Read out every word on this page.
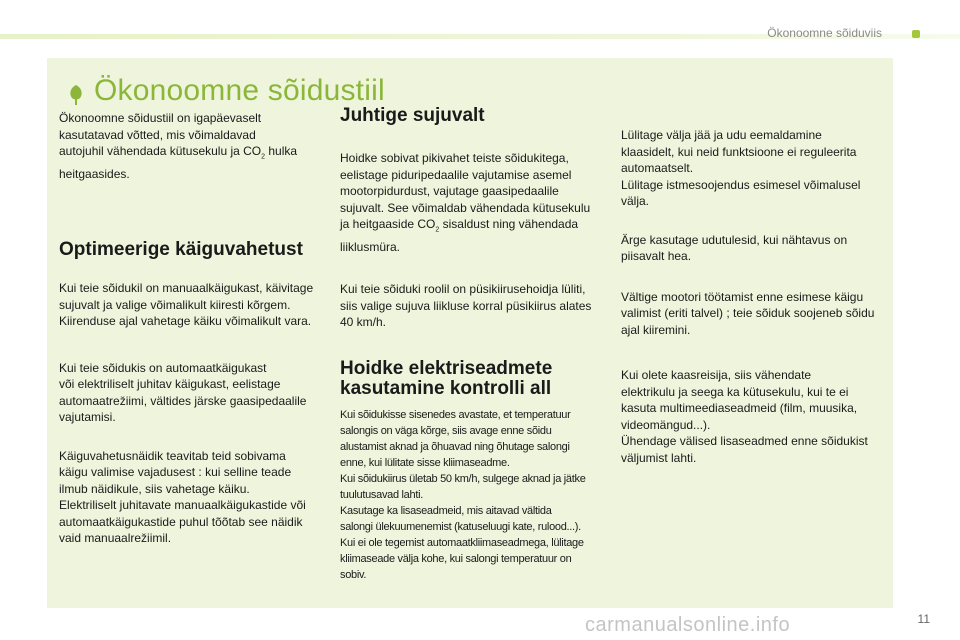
Ökonoomne sõiduviis
Ökonoomne sõidustiil

Ökonoomne sõidustiil on igapäevaselt
kasutatavad võtted, mis võimaldavad
autojuhil vähendada kütusekulu ja $CO_2$ hulka
heitgaasides.

Optimeerige käiguvahetust

Kui teie sõidukil on manuaalkäigukast, käivitage
sujuvalt ja valige võimalikult kiiresti kõrgem.
Kiirenduse ajal vahetage käiku võimalikult vara.

Kui teie sõidukis on automaatkäigukast
või elektriliselt juhitav käigukast, eelistage
automaatrežiimi, vältides järske gaasipedaalile
vajutamisi.

Käiguvahetusnäidik teavitab teid sobivama
käigu valimise vajadusest : kui selline teade
ilmub näidikule, siis vahetage käiku.
Elektriliselt juhitavate manuaalkäigukastide või
automaatkäigukastide puhul tõõtab see näidik
vaid manuaalrežiimil.

Juhtige sujuvalt

Hoidke sobivat pikivahet teiste sõidukitega,
eelistage piduripedaalile vajutamise asemel
mootorpidurdust, vajutage gaasipedaalile
sujuvalt. See võimaldab vähendada kütusekulu
ja heitgaaside $CO_2$ sisaldust ning vähendada
liiklusmüra.

Kui teie sõiduki roolil on püsikiirusehoidja lüliti,
siis valige sujuva liikluse korral püsikiirus alates
40 km/h.

Hoidke elektriseadmete
kasutamine kontrolli all

Kui sõidukisse sisenedes avastate, et temperatuur
salongis on väga kõrge, siis avage enne sõidu
alustamist aknad ja õhuavad ning õhutage salongi
enne, kui lülitate sisse kliimaseadme.
Kui sõidukiirus ületab 50 km/h, sulgege aknad ja jätke
tuulutusavad lahti.
Kasutage ka lisaseadmeid, mis aitavad vältida
salongi ülekuumenemist (katuseluugi kate, rulood...).
Kui ei ole tegemist automaatkliimaseadmega, lülitage
kliimaseade välja kohe, kui salongi temperatuur on
sobiv.

Lülitage välja jää ja udu eemaldamine
klaasidelt, kui neid funktsioone ei reguleerita
automaatselt.
Lülitage istmesoojendus esimesel võimalusel
välja.

Ärge kasutage udutulesid, kui nähtavus on
piisavalt hea.

Vältige mootori töötamist enne esimese käigu
valimist (eriti talvel) ; teie sõiduk soojeneb sõidu
ajal kiiremini.

Kui olete kaasreisija, siis vähendate
elektrikulu ja seega ka kütusekulu, kui te ei
kasuta multimeediaseadmeid (film, muusika,
videomängud...).
Ühendage välised lisaseadmed enne sõidukist
väljumist lahti.

11
carmanualsonline.info
